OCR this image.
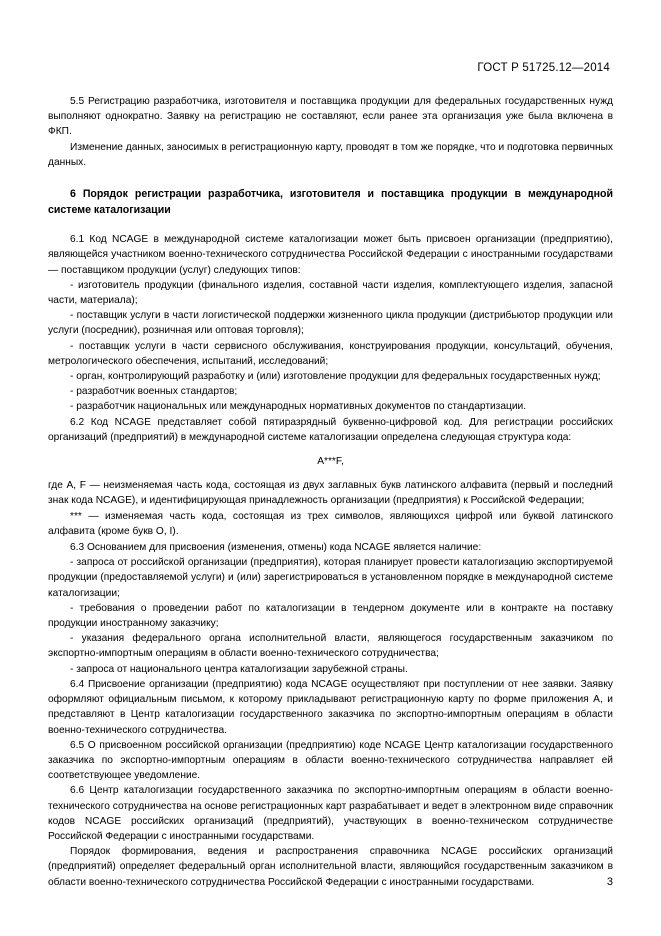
ГОСТ Р 51725.12—2014

5.5 Регистрацию разработчика, изготовителя и поставщика продукции для федеральных государственных нужд выполняют однократно. Заявку на регистрацию не составляют, если ранее эта организация уже была включена в ФКП.

Изменение данных, заносимых в регистрационную карту, проводят в том же порядке, что и подготовка первичных данных.

6 Порядок регистрации разработчика, изготовителя и поставщика продукции в международной системе каталогизации

6.1 Код NCAGE в международной системе каталогизации может быть присвоен организации (предприятию), являющейся участником военно-технического сотрудничества Российской Федерации с иностранными государствами — поставщиком продукции (услуг) следующих типов:

- изготовитель продукции (финального изделия, составной части изделия, комплектующего изделия, запасной части, материала);

- поставщик услуги в части логистической поддержки жизненного цикла продукции (дистрибьютор продукции или услуги (посредник), розничная или оптовая торговля);

- поставщик услуги в части сервисного обслуживания, конструирования продукции, консультаций, обучения, метрологического обеспечения, испытаний, исследований;

- орган, контролирующий разработку и (или) изготовление продукции для федеральных государственных нужд;

- разработчик военных стандартов;

- разработчик национальных или международных нормативных документов по стандартизации.

6.2 Код NCAGE представляет собой пятиразрядный буквенно-цифровой код. Для регистрации российских организаций (предприятий) в международной системе каталогизации определена следующая структура кода:

A***F,

где A, F — неизменяемая часть кода, состоящая из двух заглавных букв латинского алфавита (первый и последний знак кода NCAGE), и идентифицирующая принадлежность организации (предприятия) к Российской Федерации;

*** — изменяемая часть кода, состоящая из трех символов, являющихся цифрой или буквой латинского алфавита (кроме букв O, I).

6.3 Основанием для присвоения (изменения, отмены) кода NCAGE является наличие:

- запроса от российской организации (предприятия), которая планирует провести каталогизацию экспортируемой продукции (предоставляемой услуги) и (или) зарегистрироваться в установленном порядке в международной системе каталогизации;

- требования о проведении работ по каталогизации в тендерном документе или в контракте на поставку продукции иностранному заказчику;

- указания федерального органа исполнительной власти, являющегося государственным заказчиком по экспортно-импортным операциям в области военно-технического сотрудничества;

- запроса от национального центра каталогизации зарубежной страны.

6.4 Присвоение организации (предприятию) кода NCAGE осуществляют при поступлении от нее заявки. Заявку оформляют официальным письмом, к которому прикладывают регистрационную карту по форме приложения А, и представляют в Центр каталогизации государственного заказчика по экспортно-импортным операциям в области военно-технического сотрудничества.

6.5 О присвоенном российской организации (предприятию) коде NCAGE Центр каталогизации государственного заказчика по экспортно-импортным операциям в области военно-технического сотрудничества направляет ей соответствующее уведомление.

6.6 Центр каталогизации государственного заказчика по экспортно-импортным операциям в области военно-технического сотрудничества на основе регистрационных карт разрабатывает и ведет в электронном виде справочник кодов NCAGE российских организаций (предприятий), участвующих в военно-техническом сотрудничестве Российской Федерации с иностранными государствами.

Порядок формирования, ведения и распространения справочника NCAGE российских организаций (предприятий) определяет федеральный орган исполнительной власти, являющийся государственным заказчиком в области военно-технического сотрудничества Российской Федерации с иностранными государствами.	3
